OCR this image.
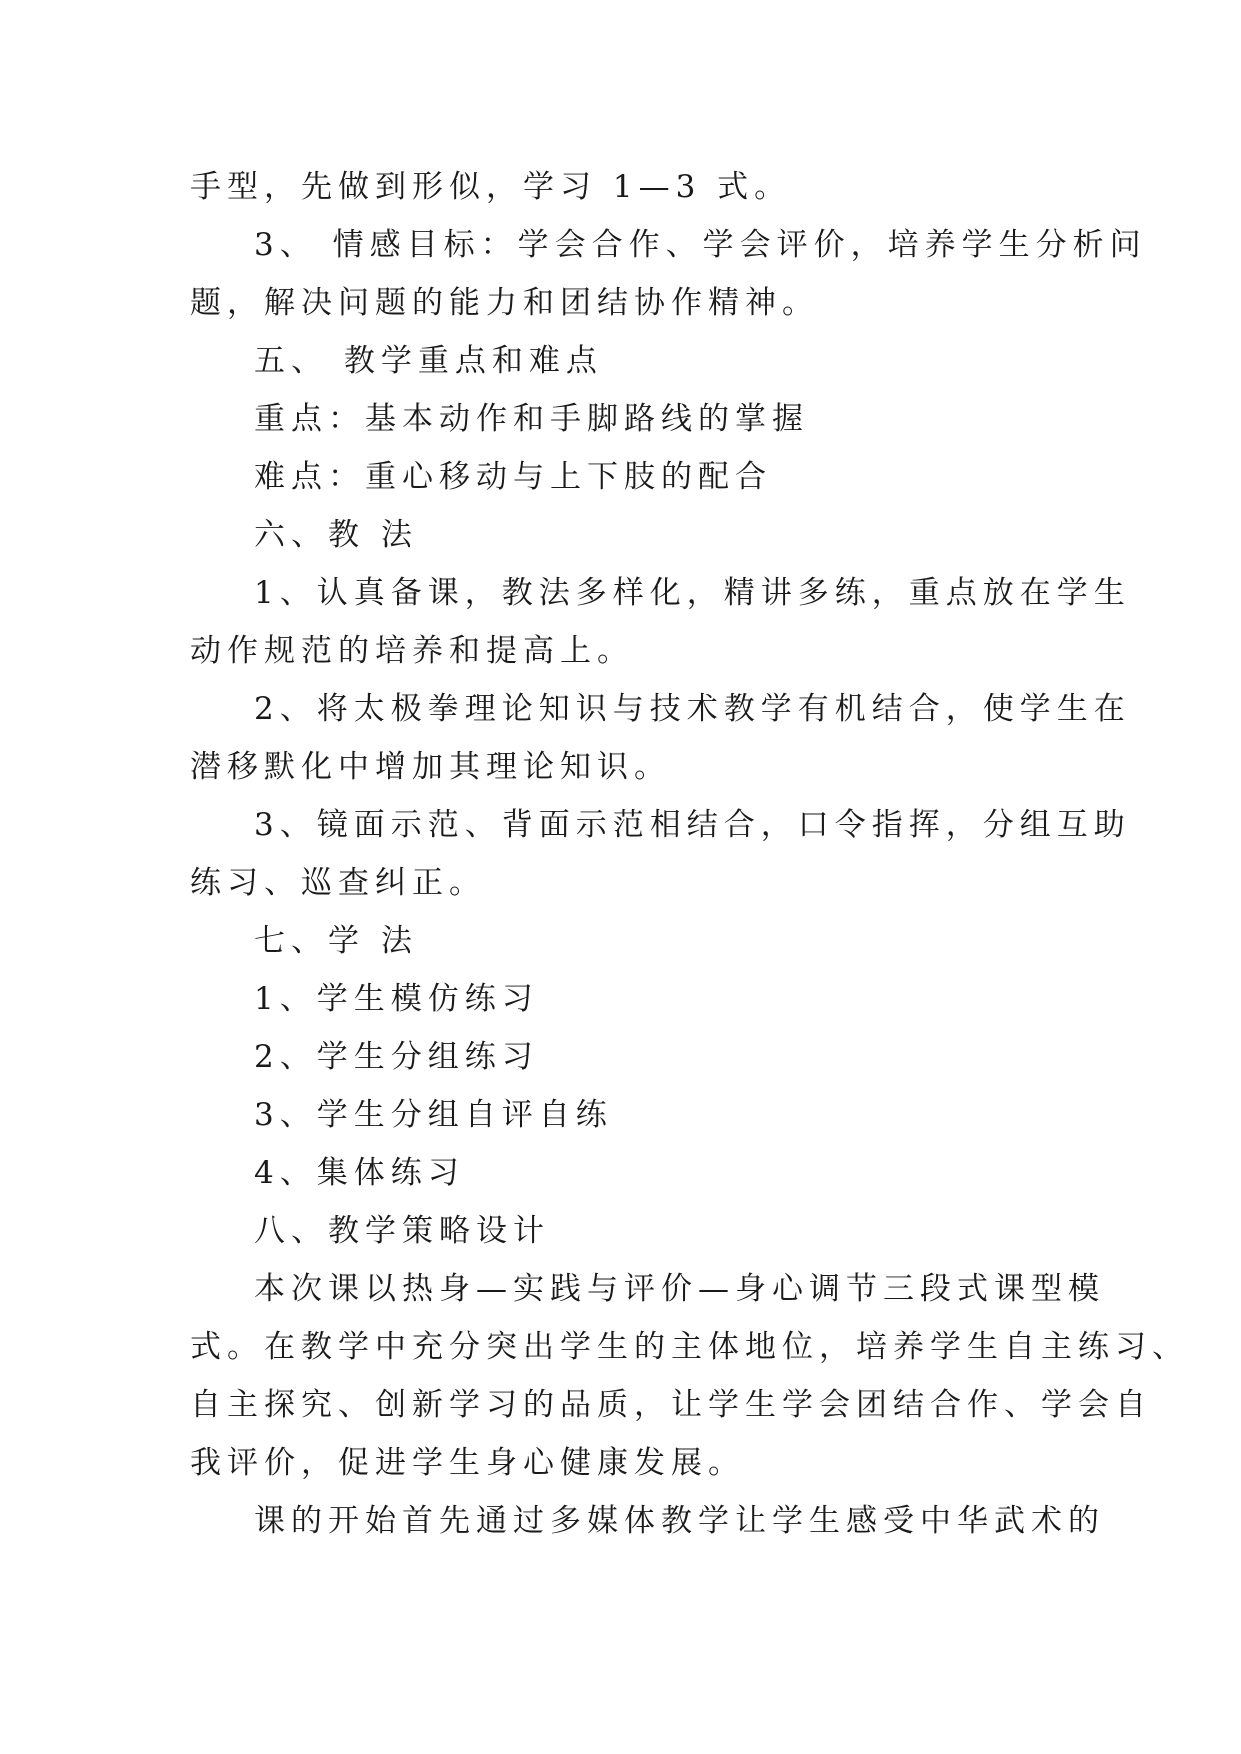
手型，先做到形似，学习 1—3 式。
3、 情感目标：学会合作、学会评价，培养学生分析问
题，解决问题的能力和团结协作精神。
五、 教学重点和难点
重点：基本动作和手脚路线的掌握
难点：重心移动与上下肢的配合
六、教 法
1、认真备课，教法多样化，精讲多练，重点放在学生
动作规范的培养和提高上。
2、将太极拳理论知识与技术教学有机结合，使学生在
潜移默化中增加其理论知识。
3、镜面示范、背面示范相结合，口令指挥，分组互助
练习、巡查纠正。
七、学 法
1、学生模仿练习
2、学生分组练习
3、学生分组自评自练
4、集体练习
八、教学策略设计
本次课以热身—实践与评价—身心调节三段式课型模
式。在教学中充分突出学生的主体地位，培养学生自主练习、
自主探究、创新学习的品质，让学生学会团结合作、学会自
我评价，促进学生身心健康发展。
课的开始首先通过多媒体教学让学生感受中华武术的
